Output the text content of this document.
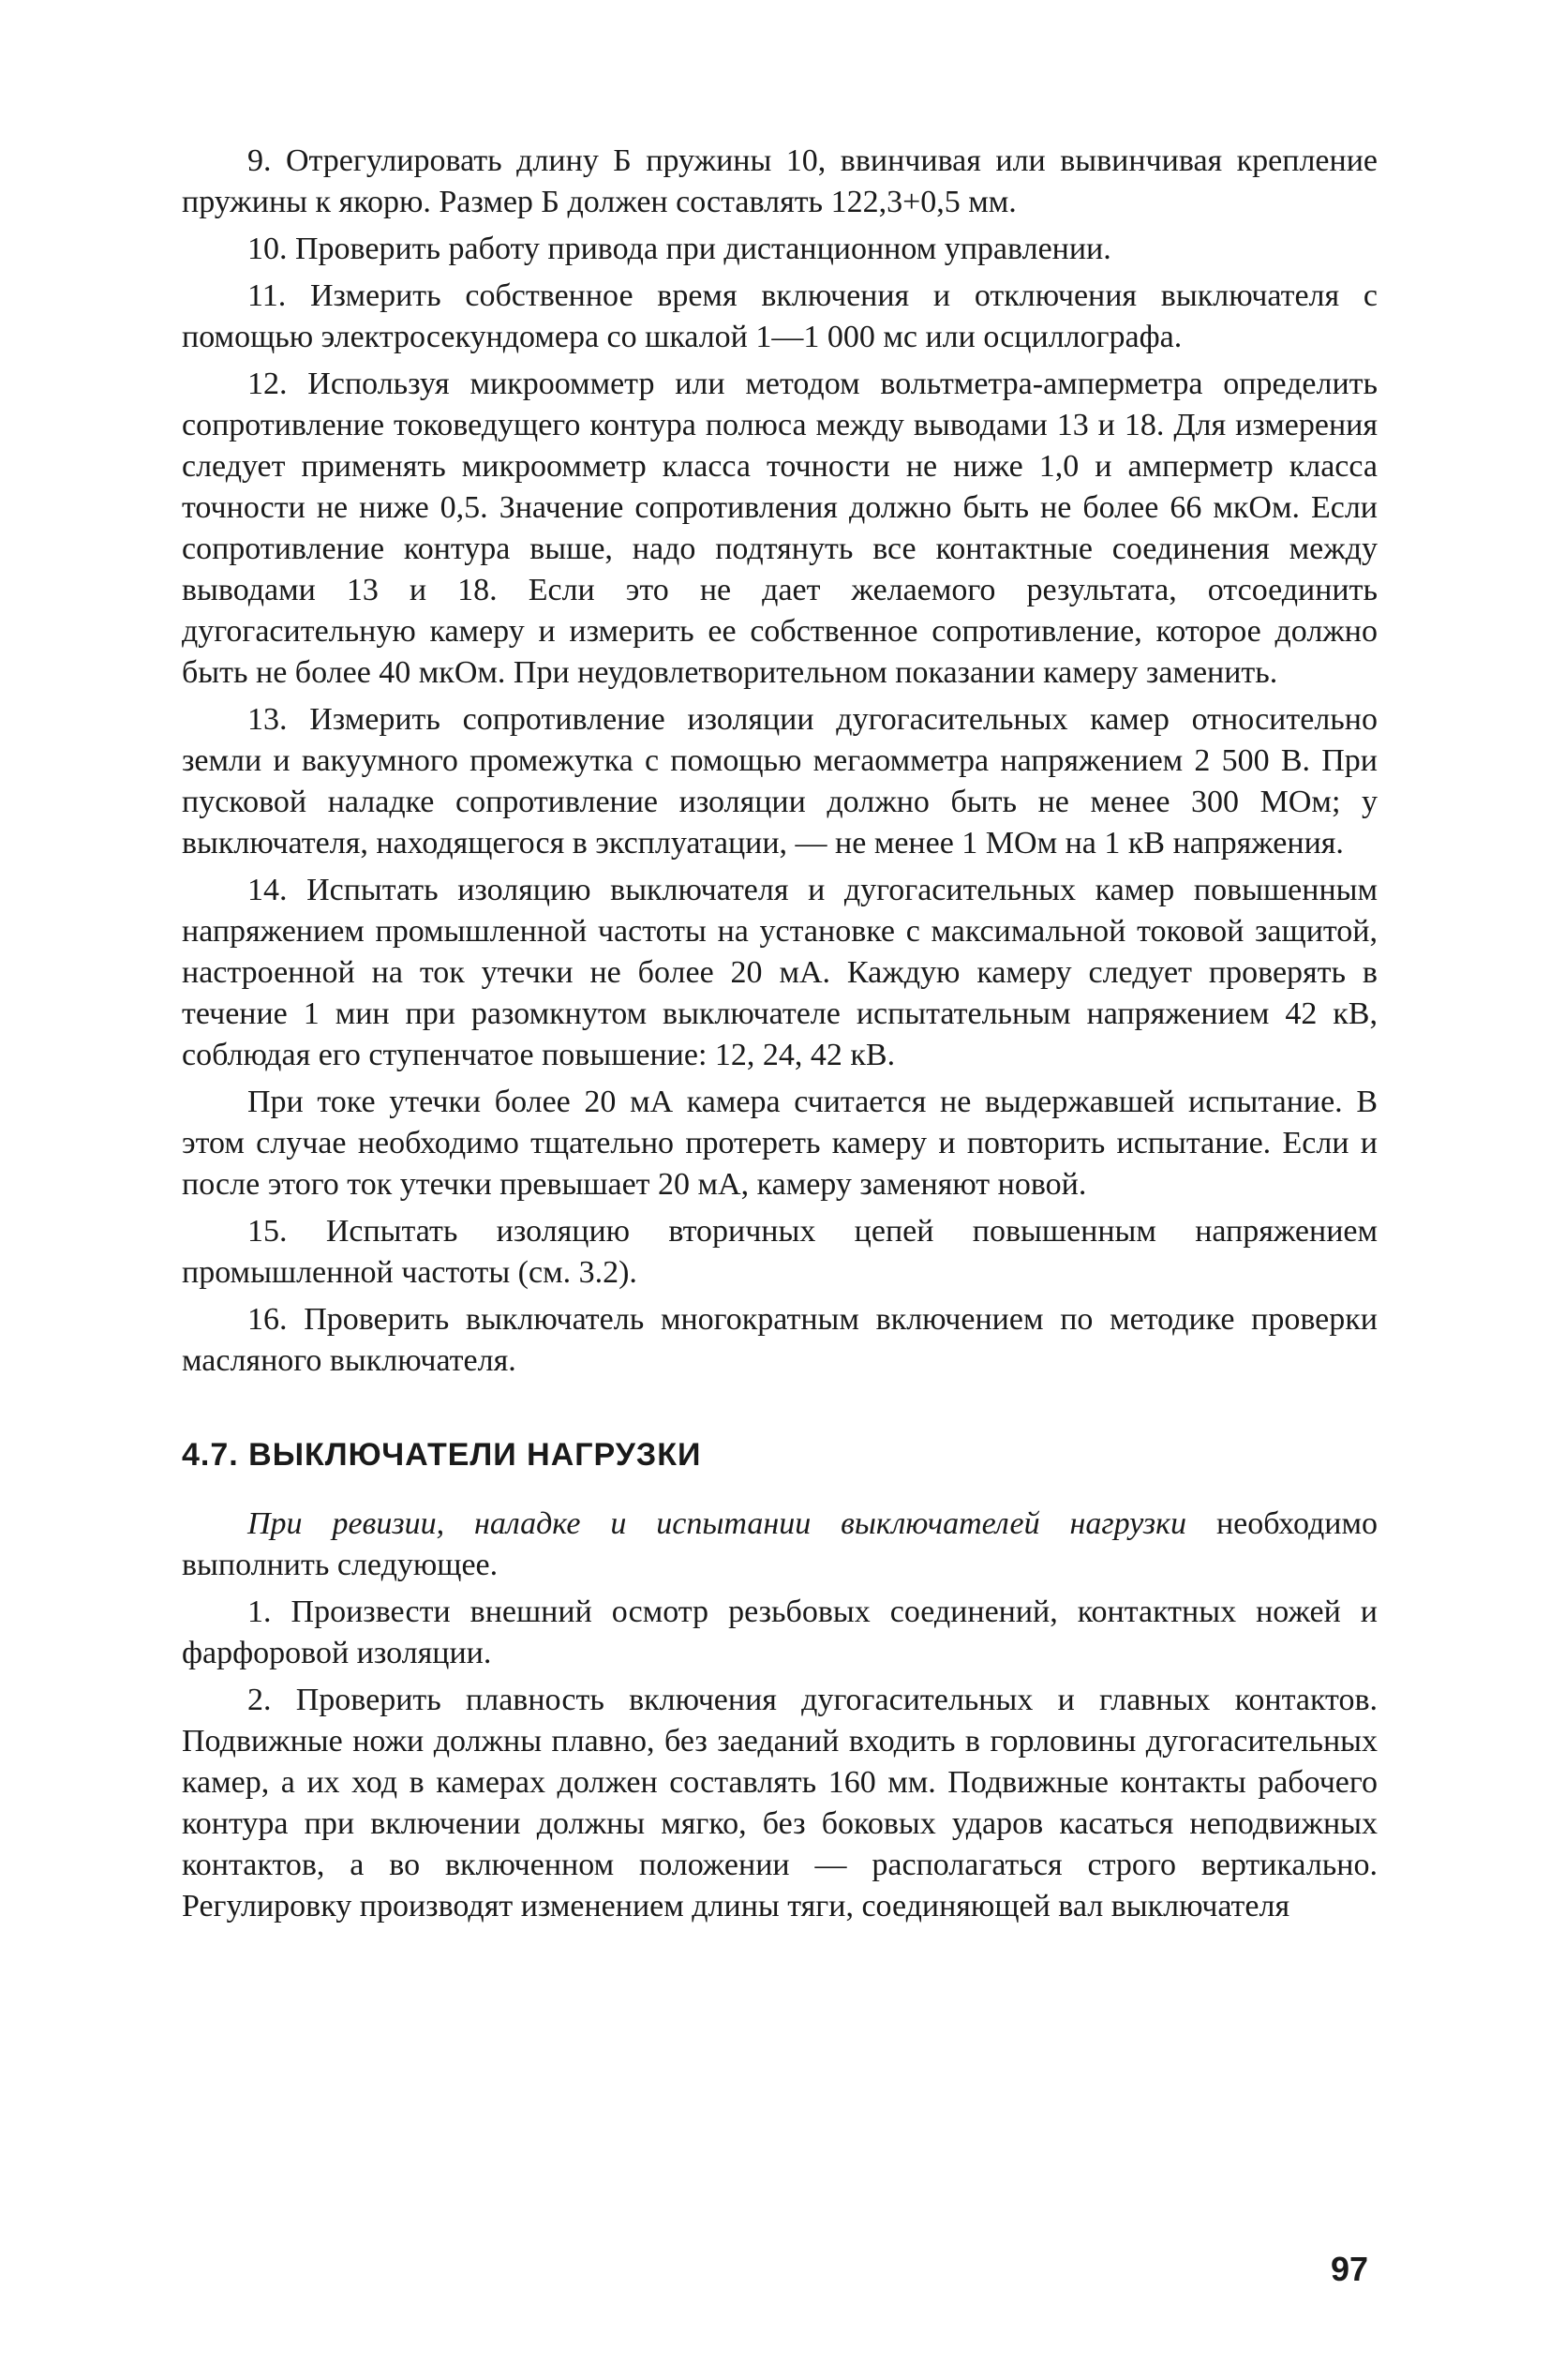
9. Отрегулировать длину Б пружины 10, ввинчивая или вывинчивая крепление пружины к якорю. Размер Б должен составлять 122,3+0,5 мм.

10. Проверить работу привода при дистанционном управлении.

11. Измерить собственное время включения и отключения выключателя с помощью электросекундомера со шкалой 1—1 000 мс или осциллографа.

12. Используя микроомметр или методом вольтметра-амперметра определить сопротивление токоведущего контура полюса между выводами 13 и 18. Для измерения следует применять микроомметр класса точности не ниже 1,0 и амперметр класса точности не ниже 0,5. Значение сопротивления должно быть не более 66 мкОм. Если сопротивление контура выше, надо подтянуть все контактные соединения между выводами 13 и 18. Если это не дает желаемого результата, отсоединить дугогасительную камеру и измерить ее собственное сопротивление, которое должно быть не более 40 мкОм. При неудовлетворительном показании камеру заменить.

13. Измерить сопротивление изоляции дугогасительных камер относительно земли и вакуумного промежутка с помощью мегаомметра напряжением 2 500 В. При пусковой наладке сопротивление изоляции должно быть не менее 300 МОм; у выключателя, находящегося в эксплуатации, — не менее 1 МОм на 1 кВ напряжения.

14. Испытать изоляцию выключателя и дугогасительных камер повышенным напряжением промышленной частоты на установке с максимальной токовой защитой, настроенной на ток утечки не более 20 мА. Каждую камеру следует проверять в течение 1 мин при разомкнутом выключателе испытательным напряжением 42 кВ, соблюдая его ступенчатое повышение: 12, 24, 42 кВ.

При токе утечки более 20 мА камера считается не выдержавшей испытание. В этом случае необходимо тщательно протереть камеру и повторить испытание. Если и после этого ток утечки превышает 20 мА, камеру заменяют новой.

15. Испытать изоляцию вторичных цепей повышенным напряжением промышленной частоты (см. 3.2).

16. Проверить выключатель многократным включением по методике проверки масляного выключателя.

4.7. ВЫКЛЮЧАТЕЛИ НАГРУЗКИ

При ревизии, наладке и испытании выключателей нагрузки необходимо выполнить следующее.

1. Произвести внешний осмотр резьбовых соединений, контактных ножей и фарфоровой изоляции.

2. Проверить плавность включения дугогасительных и главных контактов. Подвижные ножи должны плавно, без заеданий входить в горловины дугогасительных камер, а их ход в камерах должен составлять 160 мм. Подвижные контакты рабочего контура при включении должны мягко, без боковых ударов касаться неподвижных контактов, а во включенном положении — располагаться строго вертикально. Регулировку производят изменением длины тяги, соединяющей вал выключателя

97
